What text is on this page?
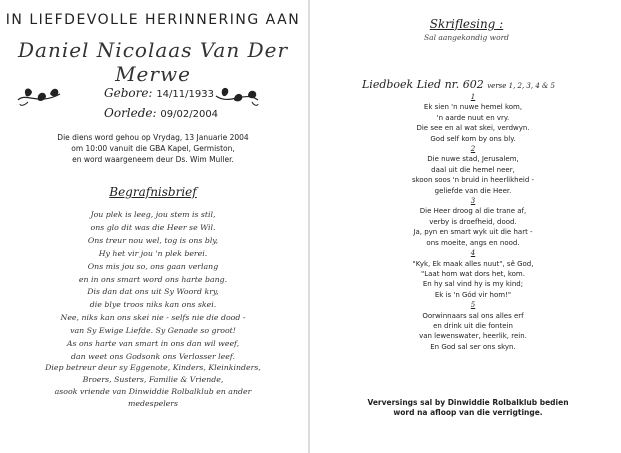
IN LIEFDEVOLLE HERINNERING AAN
Daniel Nicolaas Van Der Merwe
Gebore: 14/11/1933
Oorlede: 09/02/2004
Die diens word gehou op Vrydag, 13 Januarie 2004
om 10:00 vanuit die GBA Kapel, Germiston,
en word waargeneem deur Ds. Wim Muller.
Begrafnisbrief
Jou plek is leeg, jou stem is stil,
ons glo dit was die Heer se Wil.
Ons treur nou wel, tog is ons bly,
Hy het vir jou 'n plek berei.
Ons mis jou so, ons gaan verlang
en in ons smart word ons harte bang.
Dis dan dat ons uit Sy Woord kry,
die blye troos niks kan ons skei.
Nee, niks kan ons skei nie - selfs nie die dood -
van Sy Ewige Liefde. Sy Genade so groot!
As ons harte van smart in ons dan wil weef,
dan weet ons Godsonk ons Verlosser leef.
Diep betreur deur sy Eggenote, Kinders, Kleinkinders,
Broers, Susters, Familie & Vriende,
asook vriende van Dinwiddie Rolbalklub en ander
medespelers
Skriflesing :
Sal aangekondig word
Liedboek Lied nr. 602 verse 1, 2, 3, 4 & 5
1
Ek sien 'n nuwe hemel kom,
'n aarde nuut en vry.
Die see en al wat skei, verdwyn.
God self kom by ons bly.
2
Die nuwe stad, Jerusalem,
daal uit die hemel neer,
skoon soos 'n bruid in heerlikheid -
geliefde van die Heer.
3
Die Heer droog al die trane af,
verby is droefheid, dood.
Ja, pyn en smart wyk uit die hart -
ons moeite, angs en nood.
4
"Kyk, Ek maak alles nuut", sê God,
"Laat hom wat dors het, kom.
En hy sal vind hy is my kind;
Ek is 'n Gód vir hom!"
5
Oorwinnaars sal ons alles erf
en drink uit die fontein
van lewenswater, heerlik, rein.
En God sal ser ons skyn.
Verversings sal by Dinwiddie Rolbalklub bedien
word na afloop van die verrigtinge.
